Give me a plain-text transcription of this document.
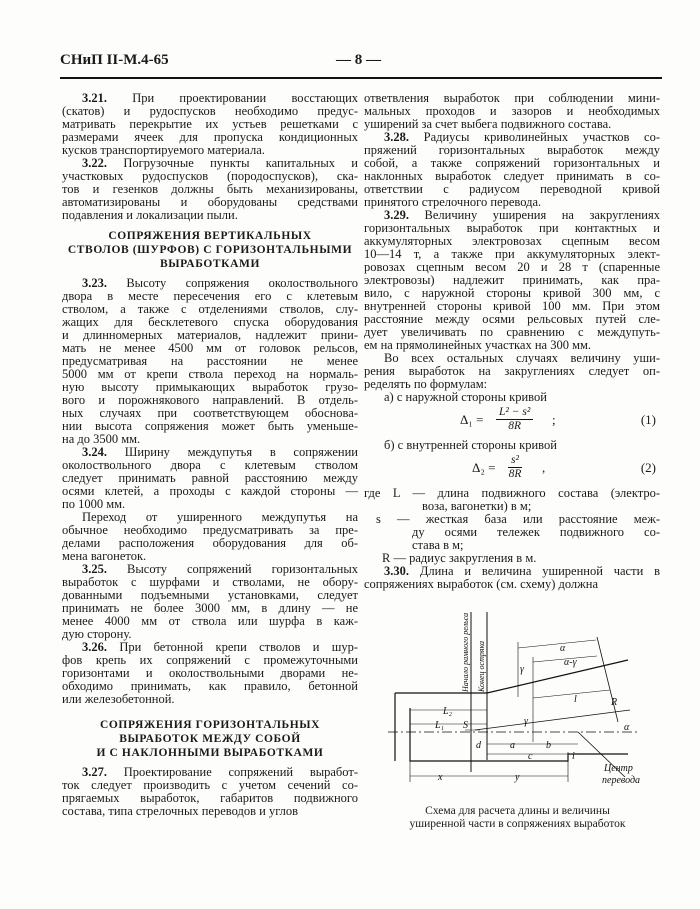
СНиП II-М.4-65	— 8 —
3.21. При проектировании восстающих
(скатов) и рудоспусков необходимо предус-
матривать перекрытие их устьев решетками с
размерами ячеек для пропуска кондиционных
кусков транспортируемого материала.
3.22. Погрузочные пункты капитальных и
участковых рудоспусков (породоспусков), ска-
тов и гезенков должны быть механизированы,
автоматизированы и оборудованы средствами
подавления и локализации пыли.
СОПРЯЖЕНИЯ ВЕРТИКАЛЬНЫХ
СТВОЛОВ (ШУРФОВ) С ГОРИЗОНТАЛЬНЫМИ
ВЫРАБОТКАМИ
3.23. Высоту сопряжения околоствольного
двора в месте пересечения его с клетевым
стволом, а также с отделениями стволов, слу-
жащих для бесклетевого спуска оборудования
и длинномерных материалов, надлежит прини-
мать не менее 4500 мм от головок рельсов,
предусматривая на расстоянии не менее
5000 мм от крепи ствола переход на нормаль-
ную высоту примыкающих выработок грузо-
вого и порожнякового направлений. В отдель-
ных случаях при соответствующем обоснова-
нии высота сопряжения может быть уменьше-
на до 3500 мм.
3.24. Ширину междупутья в сопряжении
околоствольного двора с клетевым стволом
следует принимать равной расстоянию между
осями клетей, а проходы с каждой стороны —
по 1000 мм.
Переход от уширенного междупутья на
обычное необходимо предусматривать за пре-
делами расположения оборудования для об-
мена вагонеток.
3.25. Высоту сопряжений горизонтальных
выработок с шурфами и стволами, не обору-
дованными подъемными установками, следует
принимать не более 3000 мм, в длину — не
менее 4000 мм от ствола или шурфа в каж-
дую сторону.
3.26. При бетонной крепи стволов и шур-
фов крепь их сопряжений с промежуточными
горизонтами и околоствольными дворами не-
обходимо принимать, как правило, бетонной
или железобетонной.
СОПРЯЖЕНИЯ ГОРИЗОНТАЛЬНЫХ
ВЫРАБОТОК МЕЖДУ СОБОЙ
И С НАКЛОННЫМИ ВЫРАБОТКАМИ
3.27. Проектирование сопряжений выработ-
ток следует производить с учетом сечений со-
прягаемых выработок, габаритов подвижного
состава, типа стрелочных переводов и углов
ответвления выработок при соблюдении мини-
мальных проходов и зазоров и необходимых
уширений за счет выбега подвижного состава.
3.28. Радиусы криволинейных участков со-
пряжений горизонтальных выработок между
собой, а также сопряжений горизонтальных и
наклонных выработок следует принимать в со-
ответствии с радиусом переводной кривой
принятого стрелочного перевода.
3.29. Величину уширения на закруглениях
горизонтальных выработок при контактных и
аккумуляторных электровозах сцепным весом
10—14 т, а также при аккумуляторных элект-
ровозах сцепным весом 20 и 28 т (спаренные
электровозы) надлежит принимать, как пра-
вило, с наружной стороны кривой 300 мм, с
внутренней стороны кривой 100 мм. При этом
расстояние между осями рельсовых путей сле-
дует увеличивать по сравнению с междупуть-
ем на прямолинейных участках на 300 мм.
Во всех остальных случаях величину уши-
рения выработок на закруглениях следует оп-
ределять по формулам:
а) с наружной стороны кривой
$\Delta_1 = \frac{\text{L² − s²}}{8R}$ ;	(1)
б) с внутренней стороны кривой
$\Delta_2 = \frac{\text{s²}}{8R}$ ,	(2)
где L — длина подвижного состава (электро-
воза, вагонетки) в м;
s — жесткая база или расстояние меж-
ду осями тележек подвижного со-
става в м;
R — радиус закругления в м.
3.30. Длина и величина уширенной части в
сопряжениях выработок (см. схему) должна
Начало рамного рельса Конец остряка	α
α-γ
γ
l	R
L₂
L₁ S
d	a	b
c
x	y
i
α
γ
Центр
перевода
Схема для расчета длины и величины
уширенной части в сопряжениях выработок
